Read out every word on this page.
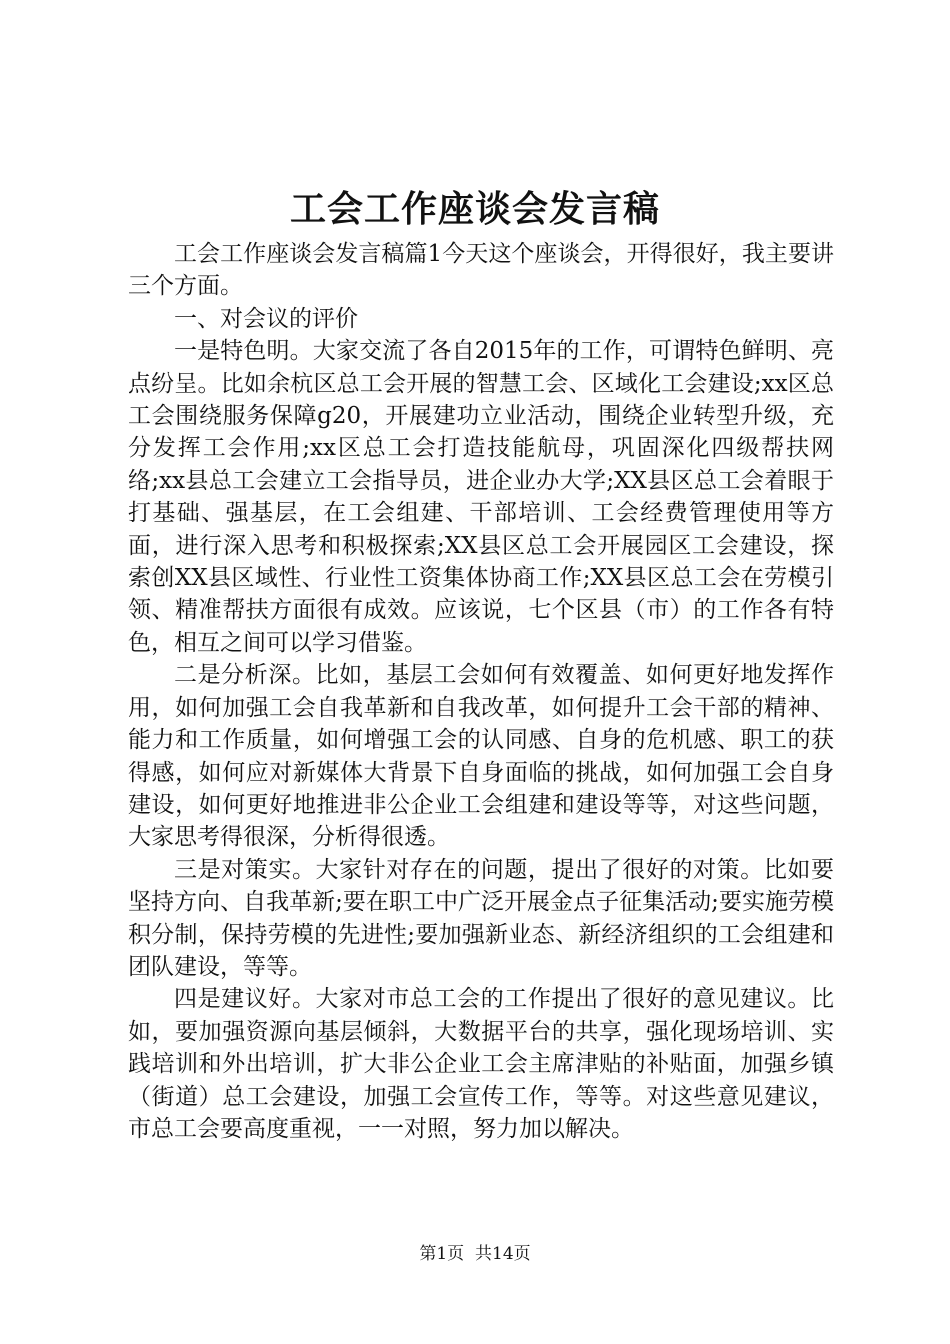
工会工作座谈会发言稿

工会工作座谈会发言稿篇1今天这个座谈会，开得很好，我主要讲三个方面。

一、对会议的评价

一是特色明。大家交流了各自2015年的工作，可谓特色鲜明、亮点纷呈。比如余杭区总工会开展的智慧工会、区域化工会建设;xx区总工会围绕服务保障g20，开展建功立业活动，围绕企业转型升级，充分发挥工会作用;xx区总工会打造技能航母，巩固深化四级帮扶网络;xx县总工会建立工会指导员，进企业办大学;XX县区总工会着眼于打基础、强基层，在工会组建、干部培训、工会经费管理使用等方面，进行深入思考和积极探索;XX县区总工会开展园区工会建设，探索创XX县区域性、行业性工资集体协商工作;XX县区总工会在劳模引领、精准帮扶方面很有成效。应该说，七个区县（市）的工作各有特色，相互之间可以学习借鉴。

二是分析深。比如，基层工会如何有效覆盖、如何更好地发挥作用，如何加强工会自我革新和自我改革，如何提升工会干部的精神、能力和工作质量，如何增强工会的认同感、自身的危机感、职工的获得感，如何应对新媒体大背景下自身面临的挑战，如何加强工会自身建设，如何更好地推进非公企业工会组建和建设等等，对这些问题，大家思考得很深，分析得很透。

三是对策实。大家针对存在的问题，提出了很好的对策。比如要坚持方向、自我革新;要在职工中广泛开展金点子征集活动;要实施劳模积分制，保持劳模的先进性;要加强新业态、新经济组织的工会组建和团队建设，等等。

四是建议好。大家对市总工会的工作提出了很好的意见建议。比如，要加强资源向基层倾斜，大数据平台的共享，强化现场培训、实践培训和外出培训，扩大非公企业工会主席津贴的补贴面，加强乡镇（街道）总工会建设，加强工会宣传工作，等等。对这些意见建议，市总工会要高度重视，一一对照，努力加以解决。

第1页 共14页
